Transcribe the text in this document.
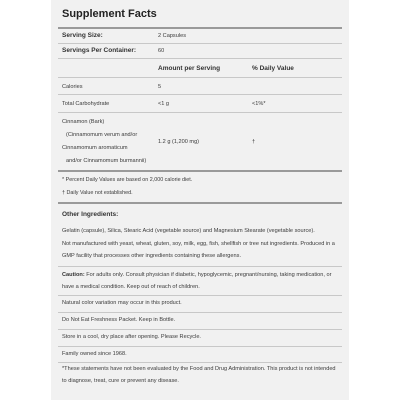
Supplement Facts
Serving Size:	2 Capsules
Servings Per Container:	60
Amount per Serving	% Daily Value
Calories	5
Total Carbohydrate	<1 g	<1%*
Cinnamon (Bark)
(Cinnamomum verum and/or
Cinnamomum aromaticum
and/or Cinnamomum burmannii)
1.2 g (1,200 mg)	†
* Percent Daily Values are based on 2,000 calorie diet.
† Daily Value not established.
Other Ingredients:
Gelatin (capsule), Silica, Stearic Acid (vegetable source) and Magnesium Stearate (vegetable source).
Not manufactured with yeast, wheat, gluten, soy, milk, egg, fish, shellfish or tree nut ingredients. Produced in a GMP facility that processes other ingredients containing these allergens.
Caution: For adults only. Consult physician if diabetic, hypoglycemic, pregnant/nursing, taking medication, or have a medical condition. Keep out of reach of children.
Natural color variation may occur in this product.
Do Not Eat Freshness Packet. Keep in Bottle.
Store in a cool, dry place after opening. Please Recycle.
Family owned since 1968.
*These statements have not been evaluated by the Food and Drug Administration. This product is not intended to diagnose, treat, cure or prevent any disease.
